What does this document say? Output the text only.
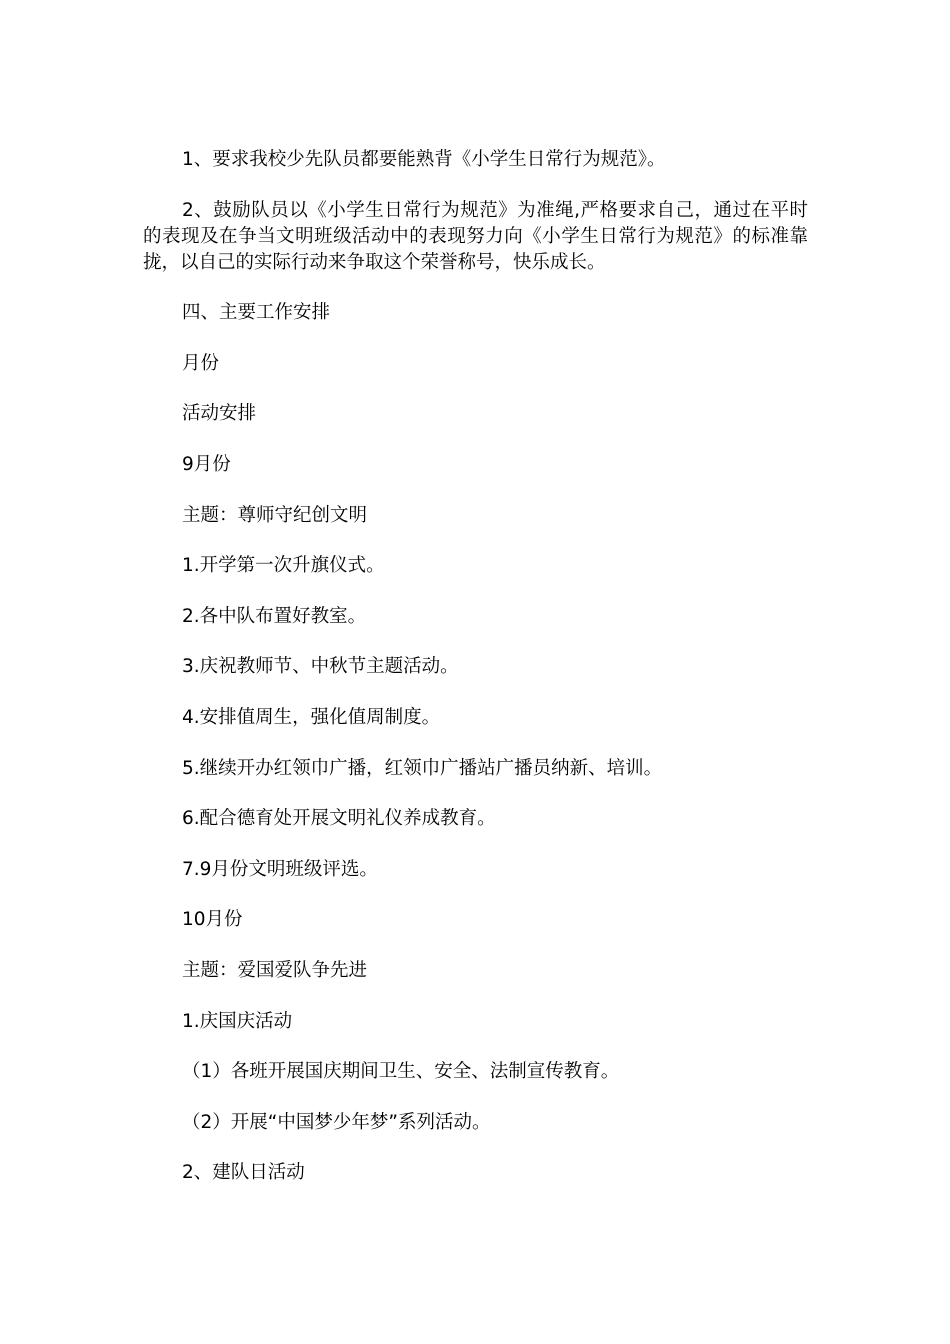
1、要求我校少先队员都要能熟背《小学生日常行为规范》。

2、鼓励队员以《小学生日常行为规范》为准绳,严格要求自己，通过在平时的表现及在争当文明班级活动中的表现努力向《小学生日常行为规范》的标准靠拢，以自己的实际行动来争取这个荣誉称号，快乐成长。

四、主要工作安排

月份

活动安排

9月份

主题：尊师守纪创文明

1.开学第一次升旗仪式。

2.各中队布置好教室。

3.庆祝教师节、中秋节主题活动。

4.安排值周生，强化值周制度。

5.继续开办红领巾广播，红领巾广播站广播员纳新、培训。

6.配合德育处开展文明礼仪养成教育。

7.9月份文明班级评选。

10月份

主题：爱国爱队争先进

1.庆国庆活动

（1）各班开展国庆期间卫生、安全、法制宣传教育。

（2）开展“中国梦少年梦”系列活动。

2、建队日活动
